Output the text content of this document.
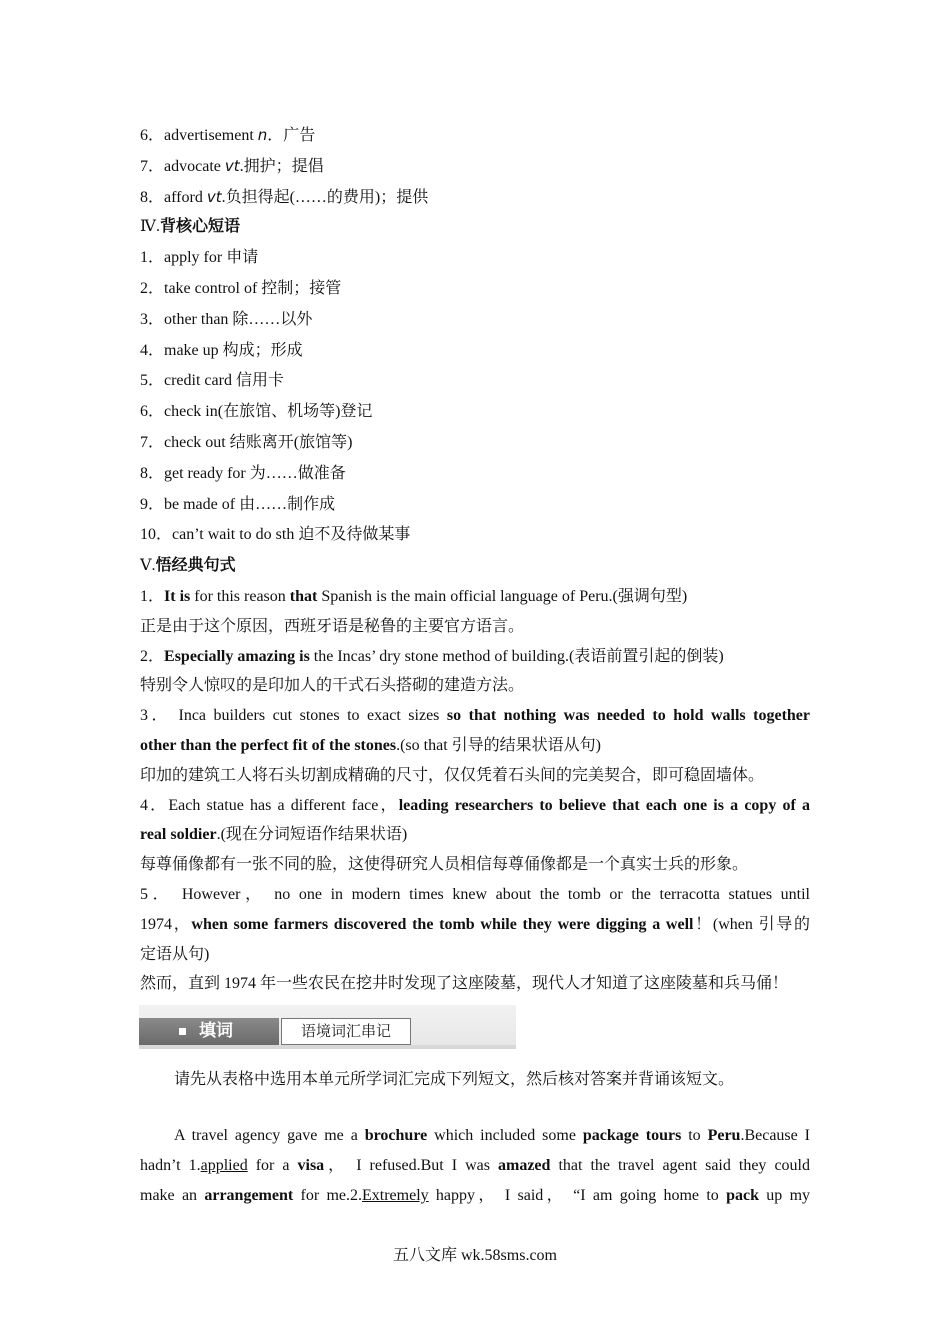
6．advertisement n．广告
7．advocate vt.拥护；提倡
8．afford vt.负担得起(……的费用)；提供
Ⅳ.背核心短语
1．apply for 申请
2．take control of 控制；接管
3．other than 除……以外
4．make up 构成；形成
5．credit card 信用卡
6．check in(在旅馆、机场等)登记
7．check out 结账离开(旅馆等)
8．get ready for 为……做准备
9．be made of 由……制作成
10．can’t wait to do sth 迫不及待做某事
Ⅴ.悟经典句式
1．It is for this reason that Spanish is the main official language of Peru.(强调句型)
正是由于这个原因，西班牙语是秘鲁的主要官方语言。
2．Especially amazing is the Incas’ dry stone method of building.(表语前置引起的倒装)
特别令人惊叹的是印加人的干式石头搭砌的建造方法。
3． Inca builders cut stones to exact sizes so that nothing was needed to hold walls together
other than the perfect fit of the stones.(so that 引导的结果状语从句)
印加的建筑工人将石头切割成精确的尺寸，仅仅凭着石头间的完美契合，即可稳固墙体。
4．Each statue has a different face，leading researchers to believe that each one is a copy of a
real soldier.(现在分词短语作结果状语)
每尊俑像都有一张不同的脸，这使得研究人员相信每尊俑像都是一个真实士兵的形象。
5． However， no one in modern times knew about the tomb or the terracotta statues until
1974，when some farmers discovered the tomb while they were digging a well！(when 引导的
定语从句)
然而，直到 1974 年一些农民在挖井时发现了这座陵墓，现代人才知道了这座陵墓和兵马俑！
填词	语境词汇串记
请先从表格中选用本单元所学词汇完成下列短文，然后核对答案并背诵该短文。
A travel agency gave me a brochure which included some package tours to Peru.Because I
hadn’t 1.applied for a visa， I refused.But I was amazed that the travel agent said they could
make an arrangement for me.2.Extremely happy， I said， “I am going home to pack up my
五八文库 wk.58sms.com
